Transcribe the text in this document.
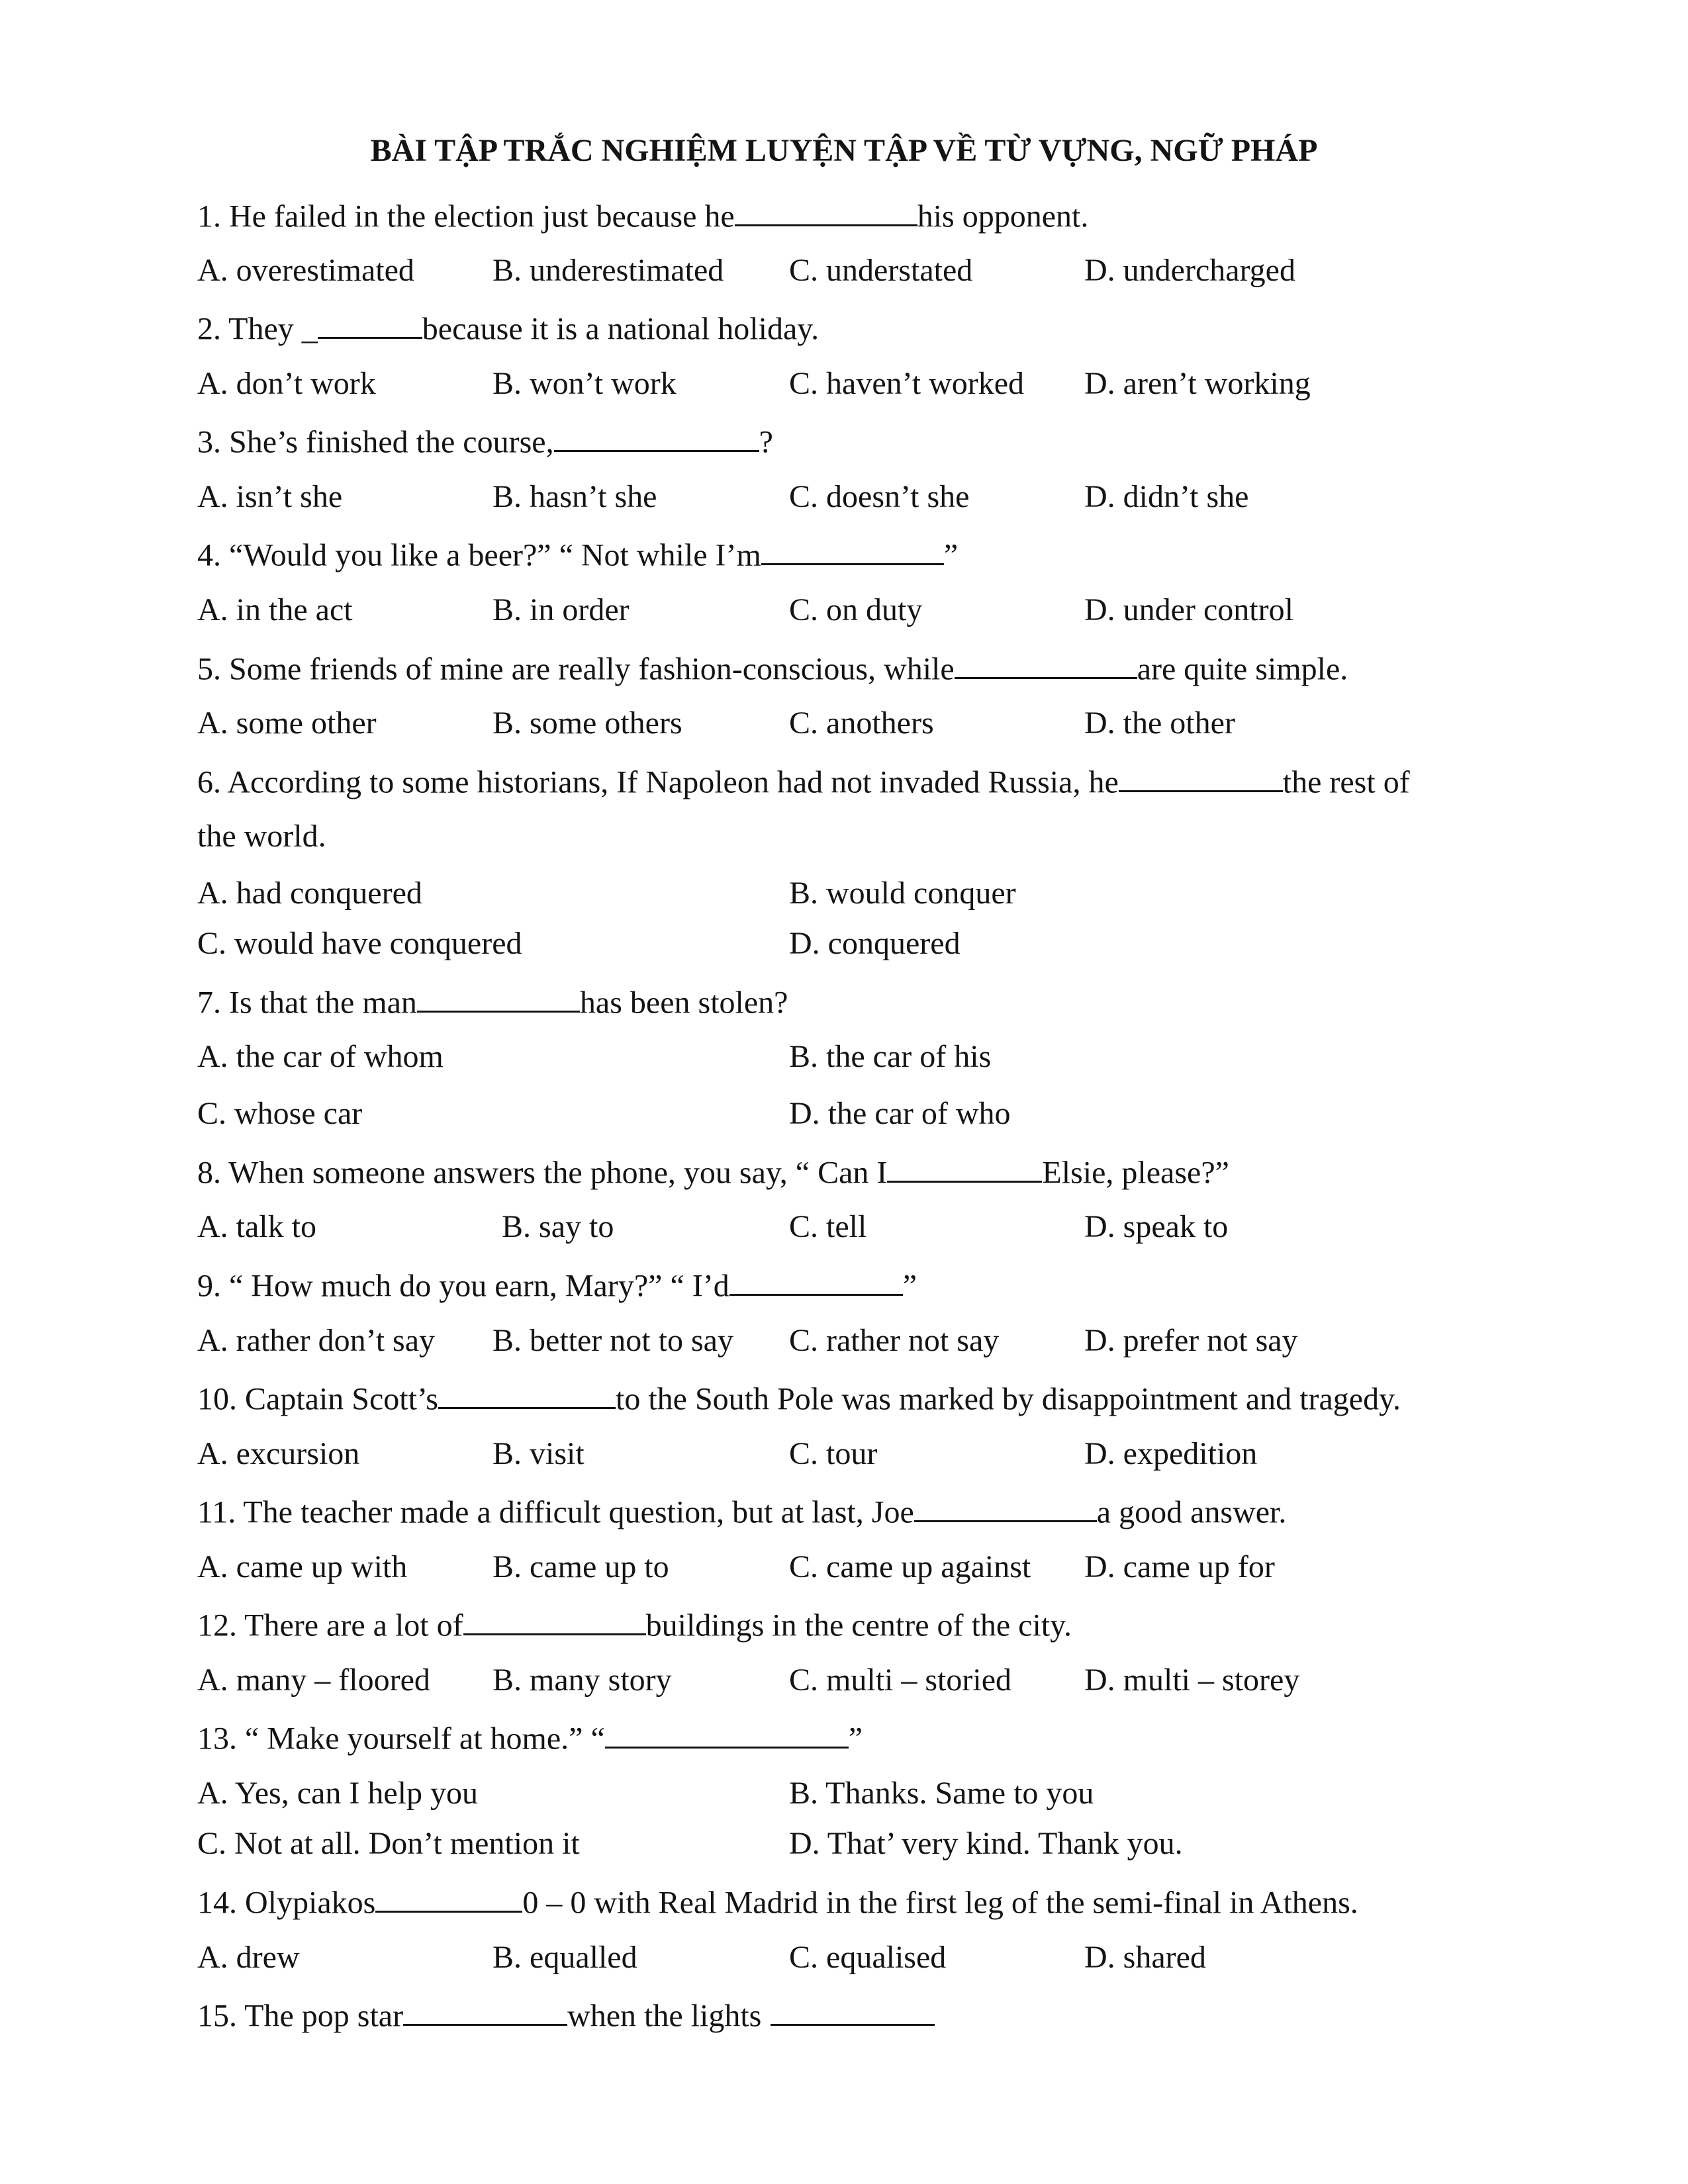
BÀI TẬP TRẮC NGHIỆM LUYỆN TẬP VỀ TỪ VỰNG, NGỮ PHÁP
1. He failed in the election just because he	his opponent.
A. overestimated B. underestimated C. understated	D. undercharged
2. They _	because it is a national holiday.
A. don’t work	B. won’t work	C. haven’t worked D. aren’t working
3. She’s finished the course,	?
A. isn’t she	B. hasn’t she	C. doesn’t she	D. didn’t she
4. “Would you like a beer?” “ Not while I’m	”
A. in the act	B. in order	C. on duty	D. under control
5. Some friends of mine are really fashion-conscious, while	are quite simple.
A. some other	B. some others	C. anothers	D. the other
6. According to some historians, If Napoleon had not invaded Russia, he	the rest of
the world.
A. had conquered	B. would conquer
C. would have conquered	D. conquered
7. Is that the man	has been stolen?
A. the car of whom	B. the car of his
C. whose car	D. the car of who
8. When someone answers the phone, you say, “ Can I	Elsie, please?”
A. talk to	B. say to	C. tell	D. speak to
9. “ How much do you earn, Mary?” “ I’d	”
A. rather don’t say B. better not to say C. rather not say	D. prefer not say
10. Captain Scott’s	to the South Pole was marked by disappointment and tragedy.
A. excursion	B. visit	C. tour	D. expedition
11. The teacher made a difficult question, but at last, Joe	a good answer.
A. came up with	B. came up to	C. came up against D. came up for
12. There are a lot of	buildings in the centre of the city.
A. many – floored B. many story	C. multi – storied D. multi – storey
13. “ Make yourself at home.” “	”
A. Yes, can I help you	B. Thanks. Same to you
C. Not at all. Don’t mention it	D. That’ very kind. Thank you.
14. Olypiakos	0 – 0 with Real Madrid in the first leg of the semi-final in Athens.
A. drew	B. equalled	C. equalised	D. shared
15. The pop star	when the lights
